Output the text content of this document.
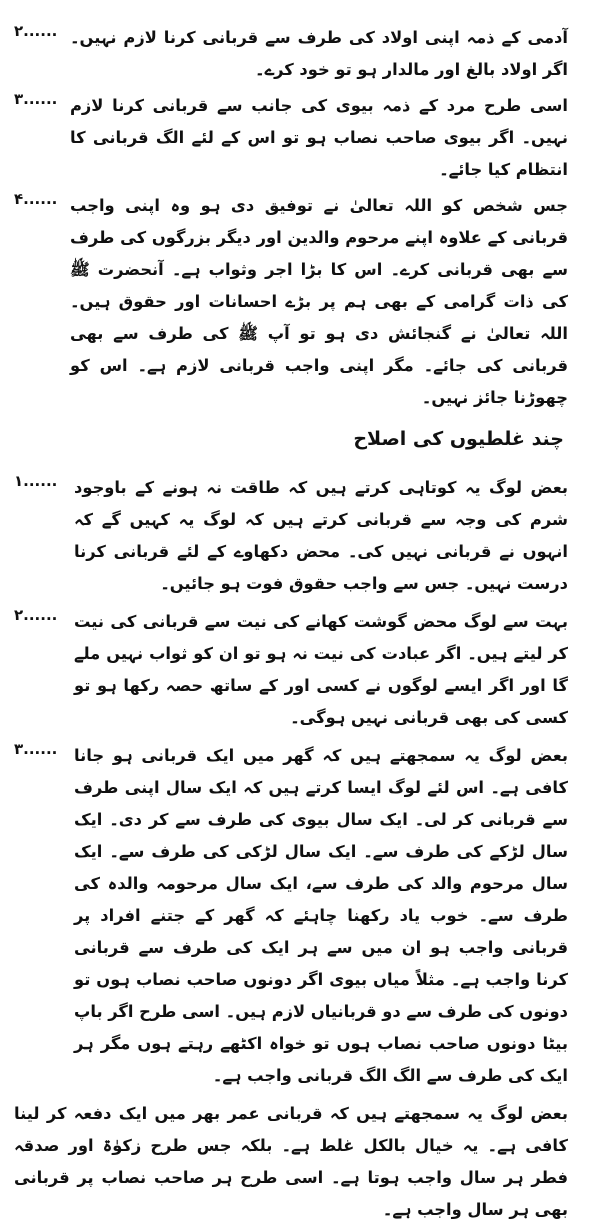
۲...... آدمی کے ذمہ اپنی اولاد کی طرف سے قربانی کرنا لازم نہیں۔ اگر اولاد بالغ اور مالدار ہو تو خود کرے۔
۳...... اسی طرح مرد کے ذمہ بیوی کی جانب سے قربانی کرنا لازم نہیں۔ اگر بیوی صاحب نصاب ہو تو اس کے لئے الگ قربانی کا انتظام کیا جائے۔
۴...... جس شخص کو اللہ تعالیٰ نے توفیق دی ہو وہ اپنی واجب قربانی کے علاوہ اپنے مرحوم والدین اور دیگر بزرگوں کی طرف سے بھی قربانی کرے۔ اس کا بڑا اجر وثواب ہے۔ آنحضرت ﷺ کی ذات گرامی کے بھی ہم پر بڑے احسانات اور حقوق ہیں۔ اللہ تعالیٰ نے گنجائش دی ہو تو آپ ﷺ کی طرف سے بھی قربانی کی جائے۔ مگر اپنی واجب قربانی لازم ہے۔ اس کو چھوڑنا جائز نہیں۔
چند غلطیوں کی اصلاح
۱...... بعض لوگ یہ کوتاہی کرتے ہیں کہ طاقت نہ ہونے کے باوجود شرم کی وجہ سے قربانی کرتے ہیں کہ لوگ یہ کہیں گے کہ انہوں نے قربانی نہیں کی۔ محض دکھاوے کے لئے قربانی کرنا درست نہیں۔ جس سے واجب حقوق فوت ہو جائیں۔
۲...... بہت سے لوگ محض گوشت کھانے کی نیت سے قربانی کی نیت کر لیتے ہیں۔ اگر عبادت کی نیت نہ ہو تو ان کو ثواب نہیں ملے گا اور اگر ایسے لوگوں نے کسی اور کے ساتھ حصہ رکھا ہو تو کسی کی بھی قربانی نہیں ہوگی۔
۳...... بعض لوگ یہ سمجھتے ہیں کہ گھر میں ایک قربانی ہو جانا کافی ہے۔ اس لئے لوگ ایسا کرتے ہیں کہ ایک سال اپنی طرف سے قربانی کر لی۔ ایک سال بیوی کی طرف سے کر دی۔ ایک سال لڑکے کی طرف سے۔ ایک سال لڑکی کی طرف سے۔ ایک سال مرحوم والد کی طرف سے، ایک سال مرحومہ والدہ کی طرف سے۔ خوب یاد رکھنا چاہئے کہ گھر کے جتنے افراد پر قربانی واجب ہو ان میں سے ہر ایک کی طرف سے قربانی کرنا واجب ہے۔ مثلاً میاں بیوی اگر دونوں صاحب نصاب ہوں تو دونوں کی طرف سے دو قربانیاں لازم ہیں۔ اسی طرح اگر باپ بیٹا دونوں صاحب نصاب ہوں تو خواہ اکٹھے رہتے ہوں مگر ہر ایک کی طرف سے الگ الگ قربانی واجب ہے۔
بعض لوگ یہ سمجھتے ہیں کہ قربانی عمر بھر میں ایک دفعہ کر لینا کافی ہے۔ یہ خیال بالکل غلط ہے۔ بلکہ جس طرح زکوٰۃ اور صدقہ فطر ہر سال واجب ہوتا ہے۔ اسی طرح ہر صاحب نصاب پر قربانی بھی ہر سال واجب ہے۔
